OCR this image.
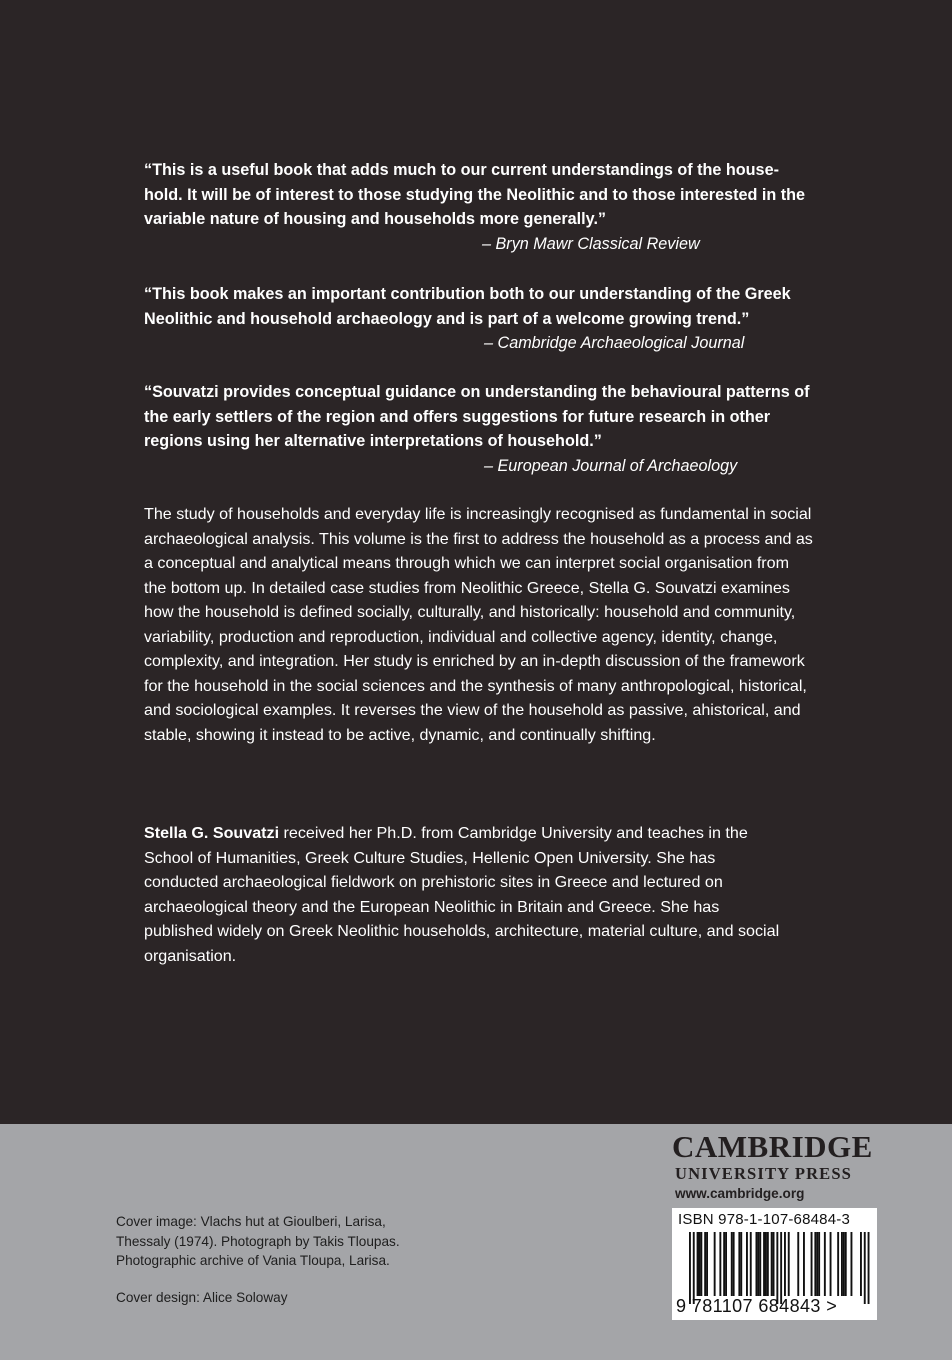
“This is a useful book that adds much to our current understandings of the house-hold. It will be of interest to those studying the Neolithic and to those interested in the variable nature of housing and households more generally.”

– Bryn Mawr Classical Review

“This book makes an important contribution both to our understanding of the Greek Neolithic and household archaeology and is part of a welcome growing trend.”

– Cambridge Archaeological Journal

“Souvatzi provides conceptual guidance on understanding the behavioural patterns of the early settlers of the region and offers suggestions for future research in other regions using her alternative interpretations of household.”

– European Journal of Archaeology

The study of households and everyday life is increasingly recognised as fundamental in social archaeological analysis. This volume is the first to address the household as a process and as a conceptual and analytical means through which we can interpret social organisation from the bottom up. In detailed case studies from Neolithic Greece, Stella G. Souvatzi examines how the household is defined socially, culturally, and historically: household and community, variability, production and reproduction, individual and collective agency, identity, change, complexity, and integration. Her study is enriched by an in-depth discussion of the framework for the household in the social sciences and the synthesis of many anthropological, historical, and sociological examples. It reverses the view of the household as passive, ahistorical, and stable, showing it instead to be active, dynamic, and continually shifting.

Stella G. Souvatzi received her Ph.D. from Cambridge University and teaches in the School of Humanities, Greek Culture Studies, Hellenic Open University. She has conducted archaeological fieldwork on prehistoric sites in Greece and lectured on archaeological theory and the European Neolithic in Britain and Greece. She has published widely on Greek Neolithic households, architecture, material culture, and social organisation.

Cover image: Vlachs hut at Gioulberi, Larisa, Thessaly (1974). Photograph by Takis Tloupas. Photographic archive of Vania Tloupa, Larisa.

Cover design: Alice Soloway

CAMBRIDGE
UNIVERSITY PRESS
www.cambridge.org
ISBN 978-1-107-68484-3
9 781107 684843 >
